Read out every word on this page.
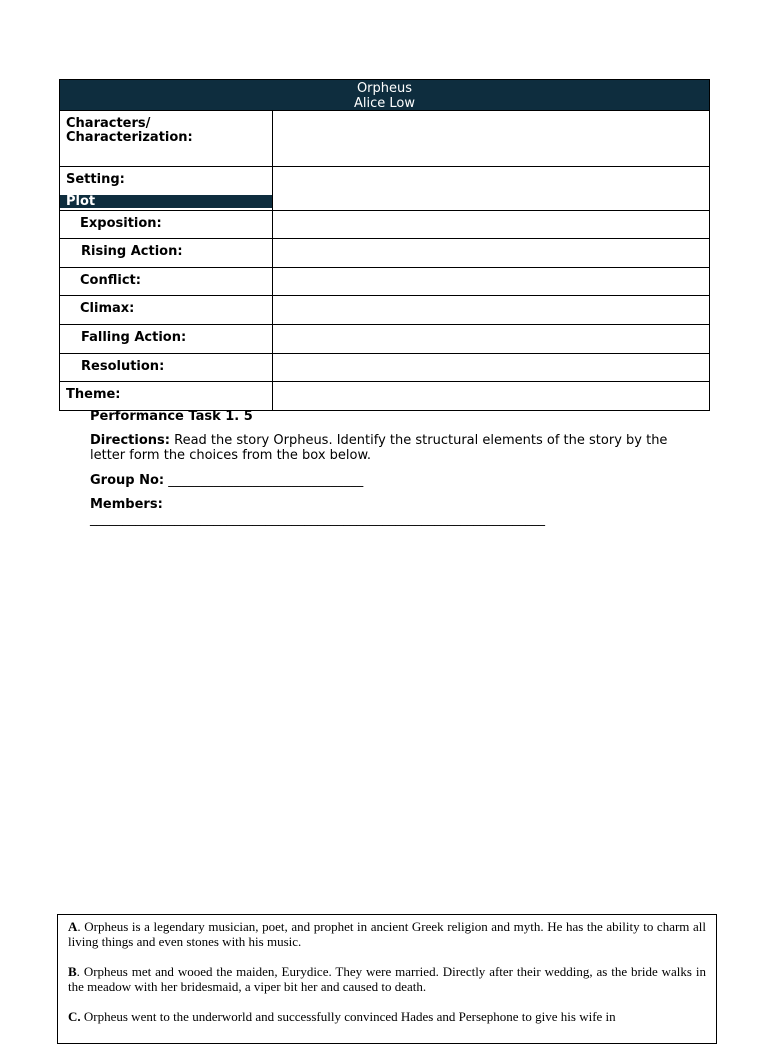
Orpheus
Alice Low
Characters/
Characterization:
Setting:
Plot
Exposition:
Rising Action:
Conflict:
Climax:
Falling Action:
Resolution:
Theme:

Performance Task 1. 5

Directions: Read the story Orpheus. Identify the structural elements of the story by the letter form the choices from the box below.

Group No: ______________________________

Members:

______________________________________________________________________

A. Orpheus is a legendary musician, poet, and prophet in ancient Greek religion and myth. He has the ability to charm all living things and even stones with his music.

B. Orpheus met and wooed the maiden, Eurydice. They were married. Directly after their wedding, as the bride walks in the meadow with her bridesmaid, a viper bit her and caused to death.

C. Orpheus went to the underworld and successfully convinced Hades and Persephone to give his wife in
